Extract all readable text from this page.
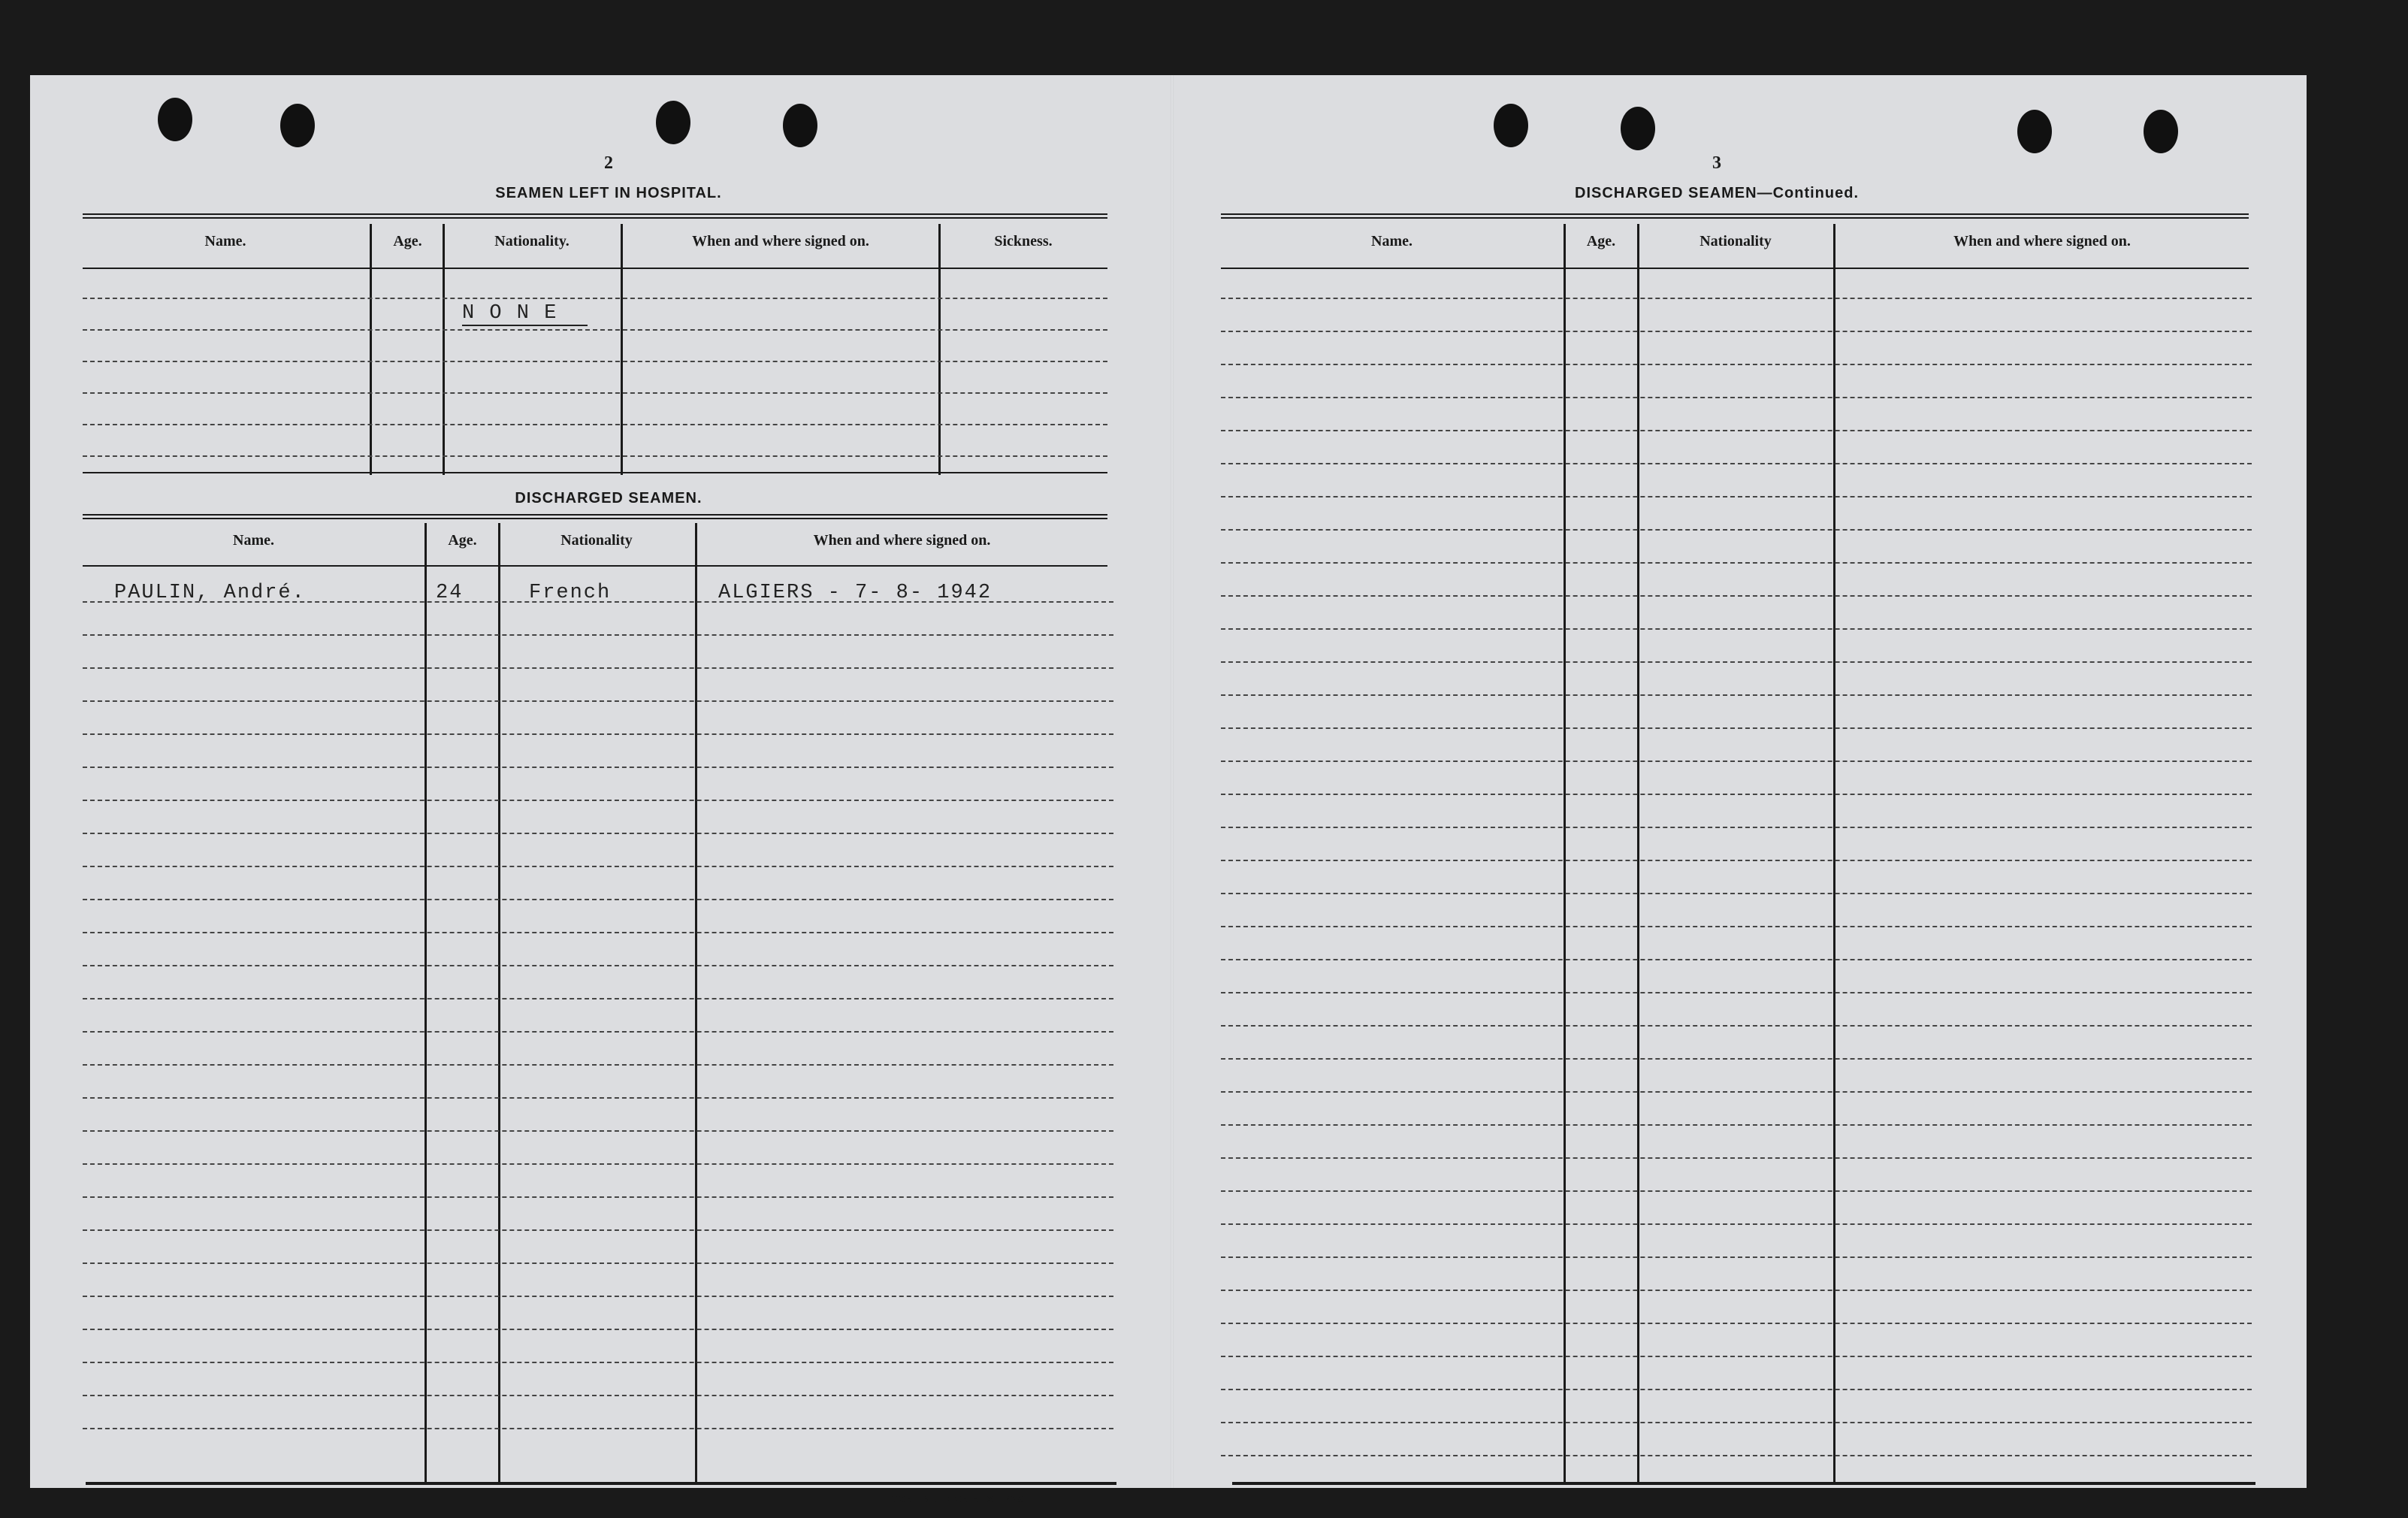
2
SEAMEN LEFT IN HOSPITAL.
Name.	Age.	Nationality.	When and where signed on.	Sickness.
N O N E
DISCHARGED SEAMEN.
Name.	Age.	Nationality	When and where signed on.
PAULIN, André.	24	French	ALGIERS - 7- 8- 1942
CONTINUED ON NEXT PAGE.
3
DISCHARGED SEAMEN—Continued.
Name.	Age.	Nationality	When and where signed on.
